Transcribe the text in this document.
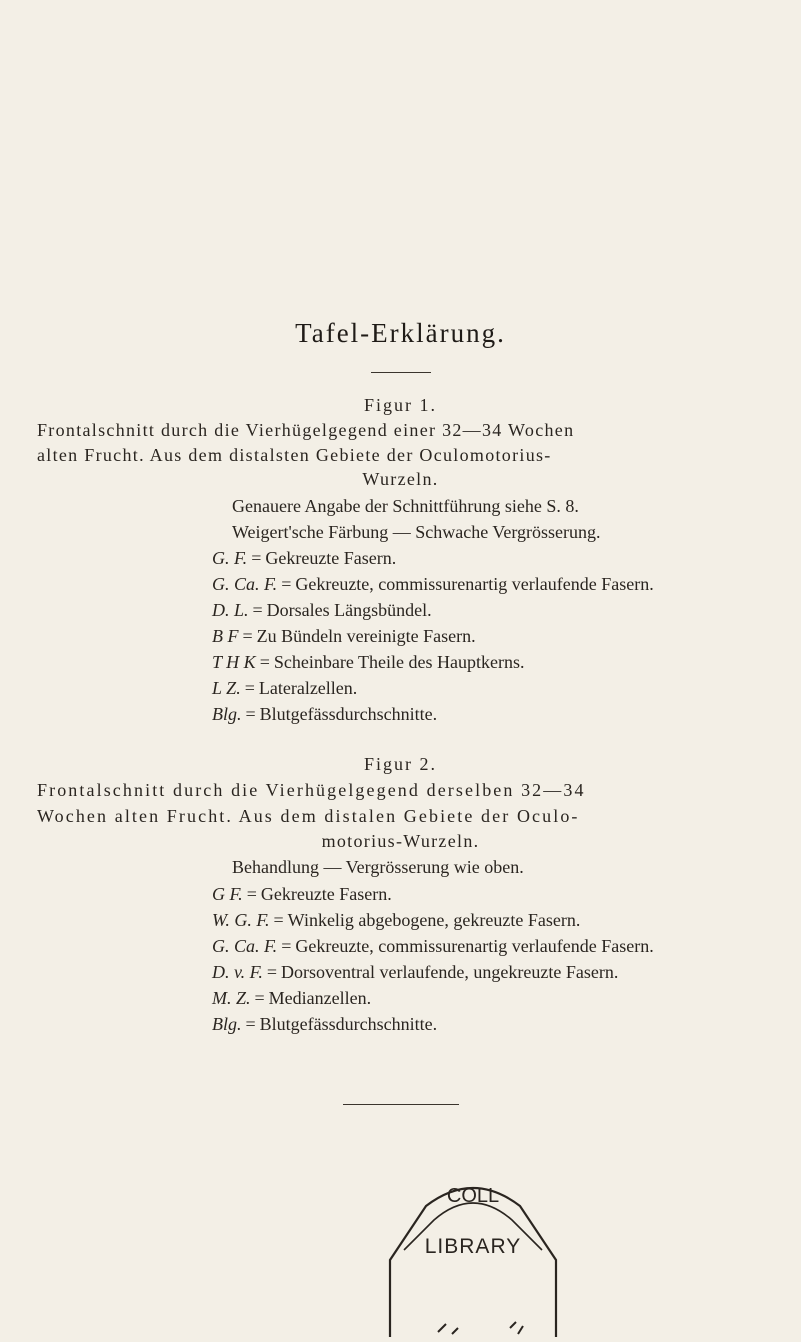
Tafel-Erklärung.
Figur 1.
Frontalschnitt durch die Vierhügelgegend einer 32—34 Wochen
alten Frucht. Aus dem distalsten Gebiete der Oculomotorius-
Wurzeln.
Genauere Angabe der Schnittführung siehe S. 8.
Weigert'sche Färbung — Schwache Vergrösserung.
G. F. = Gekreuzte Fasern.
G. Ca. F. = Gekreuzte, commissurenartig verlaufende Fasern.
D. L. = Dorsales Längsbündel.
B F = Zu Bündeln vereinigte Fasern.
T H K = Scheinbare Theile des Hauptkerns.
L Z. = Lateralzellen.
Blg. = Blutgefässdurchschnitte.
Figur 2.
Frontalschnitt durch die Vierhügelgegend derselben 32—34
Wochen alten Frucht. Aus dem distalen Gebiete der Oculo-
motorius-Wurzeln.
Behandlung — Vergrösserung wie oben.
G F. = Gekreuzte Fasern.
W. G. F. = Winkelig abgebogene, gekreuzte Fasern.
G. Ca. F. = Gekreuzte, commissurenartig verlaufende Fasern.
D. v. F. = Dorsoventral verlaufende, ungekreuzte Fasern.
M. Z. = Medianzellen.
Blg. = Blutgefässdurchschnitte.
COLL
LIBRARY
